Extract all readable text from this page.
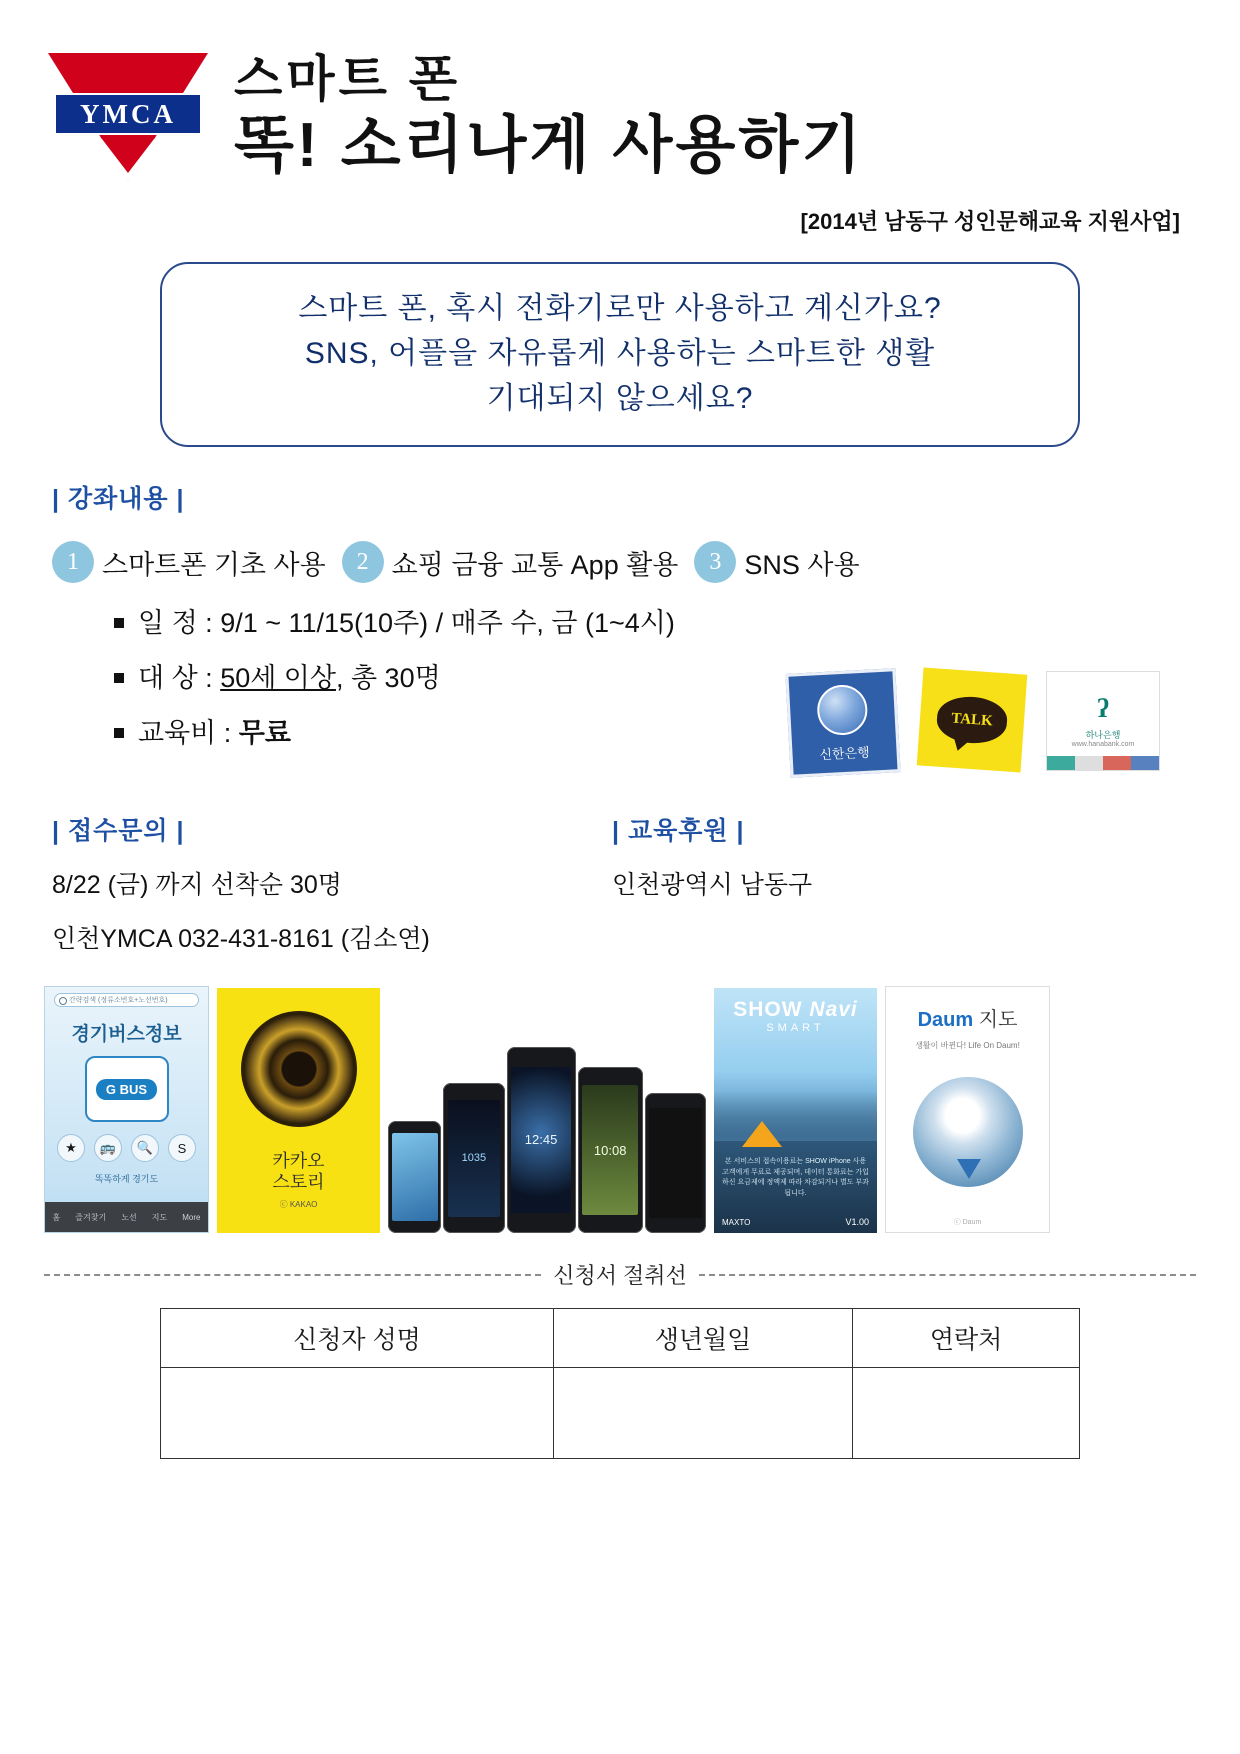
YMCA
스마트 폰
똑! 소리나게 사용하기
[2014년 남동구 성인문해교육 지원사업]

스마트 폰, 혹시 전화기로만 사용하고 계신가요?

SNS, 어플을 자유롭게 사용하는 스마트한 생활

기대되지 않으세요?

| 강좌내용 |
1 스마트폰 기초 사용	2 쇼핑 금융 교통 App 활용	3 SNS 사용
일 정 :
9/1 ~ 11/15(10주) / 매주 수, 금 (1~4시)
대 상 :
50세 이상 , 총 30명
교육비 :
무료
신한은행
TALK	ʔ
하나은행
www.hanabank.com
| 접수문의 |
8/22 (금) 까지 선착순 30명
인천YMCA 032-431-8161 (김소연)
| 교육후원 |
인천광역시 남동구
간략검색 (정류소번호+노선번호)
경기버스정보
G BUS
★	🚌	🔍	S
똑똑하게 경기도
홈 즐겨찾기 노선 지도 More
카카오
스토리
ⓒ KAKAO
1035
12:45
10:08
SHOW Navi
SMART
본 서비스의 접속이용료는 SHOW iPhone 사용고객에게 무료로 제공되며, 데이터 통화료는 가입하신 요금제에 정액제 따라 차감되거나 별도 부과됩니다.
MAXTO	V1.00
Daum 지도
생활이 바뀐다! Life On Daum!
ⓒ Daum
신청서 절취선
신청자 성명	생년월일	연락처
